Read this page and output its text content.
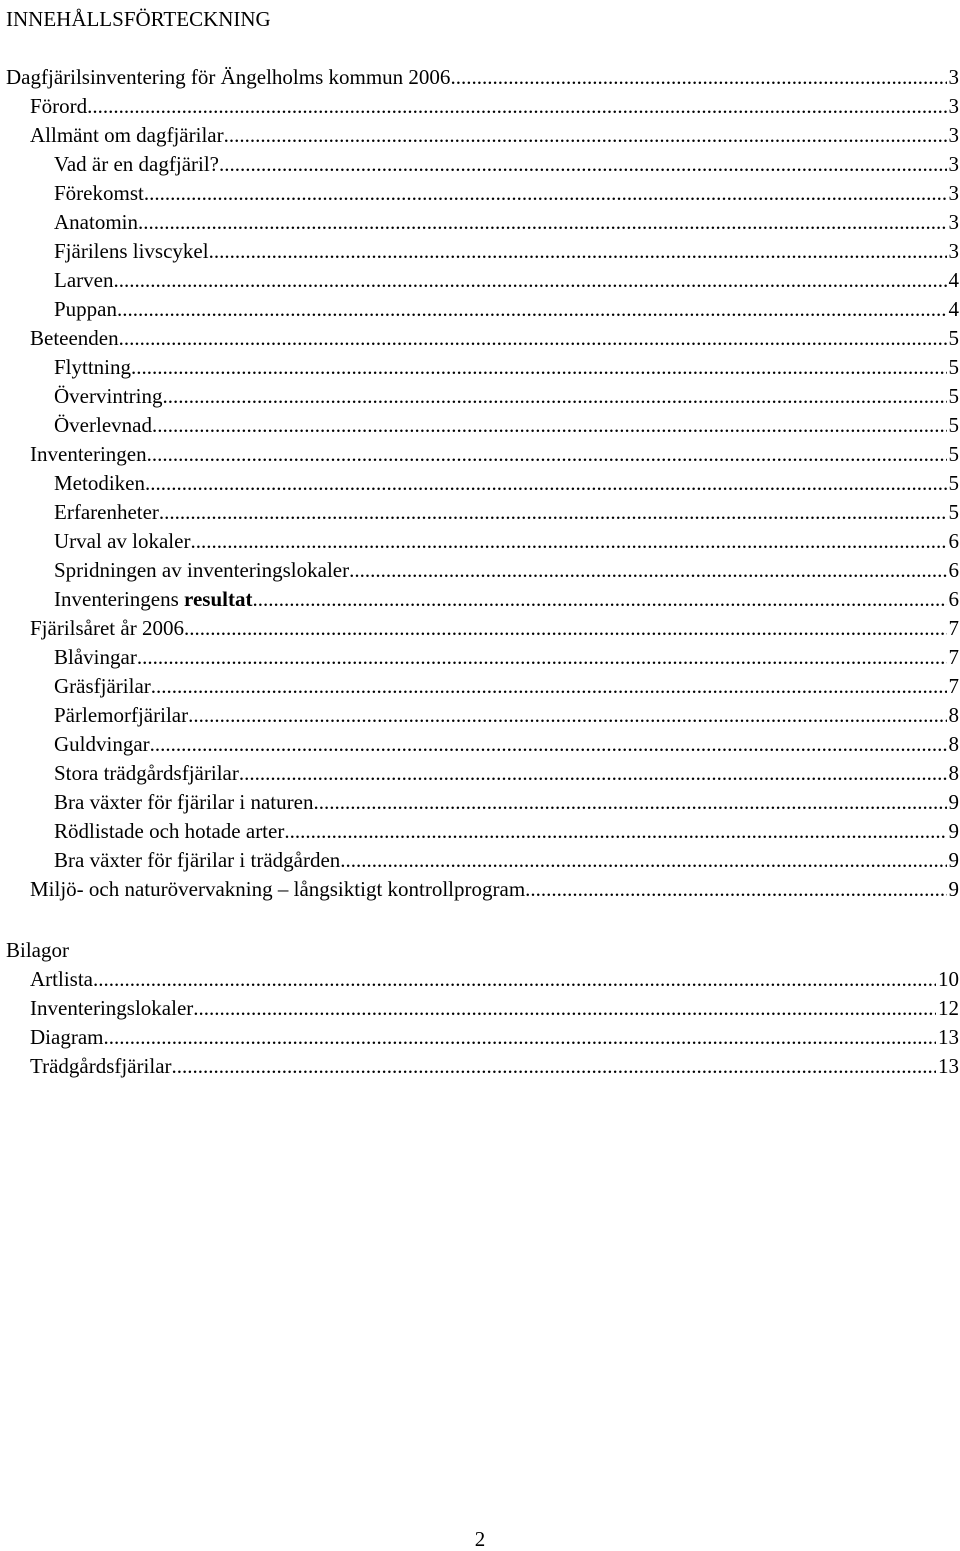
INNEHÅLLSFÖRTECKNING
Dagfjärilsinventering för Ängelholms kommun 2006 .....	3
Förord .....	3
Allmänt om dagfjärilar .....	3
Vad är en dagfjäril? .....	3
Förekomst .....	3
Anatomin .....	3
Fjärilens livscykel .....	3
Larven .....	4
Puppan .....	4
Beteenden .....	5
Flyttning .....	5
Övervintring .....	5
Överlevnad .....	5
Inventeringen .....	5
Metodiken .....	5
Erfarenheter .....	5
Urval av lokaler .....	6
Spridningen av inventeringslokaler .....	6
Inventeringens resultat .....	6
Fjärilsåret år 2006 .....	7
Blåvingar .....	7
Gräsfjärilar .....	7
Pärlemorfjärilar .....	8
Guldvingar .....	8
Stora trädgårdsfjärilar .....	8
Bra växter för fjärilar i naturen .....	9
Rödlistade och hotade arter .....	9
Bra växter för fjärilar i trädgården .....	9
Miljö- och naturövervakning – långsiktigt kontrollprogram .....	9
Bilagor
Artlista .....	10
Inventeringslokaler .....	12
Diagram .....	13
Trädgårdsfjärilar .....	13
2
